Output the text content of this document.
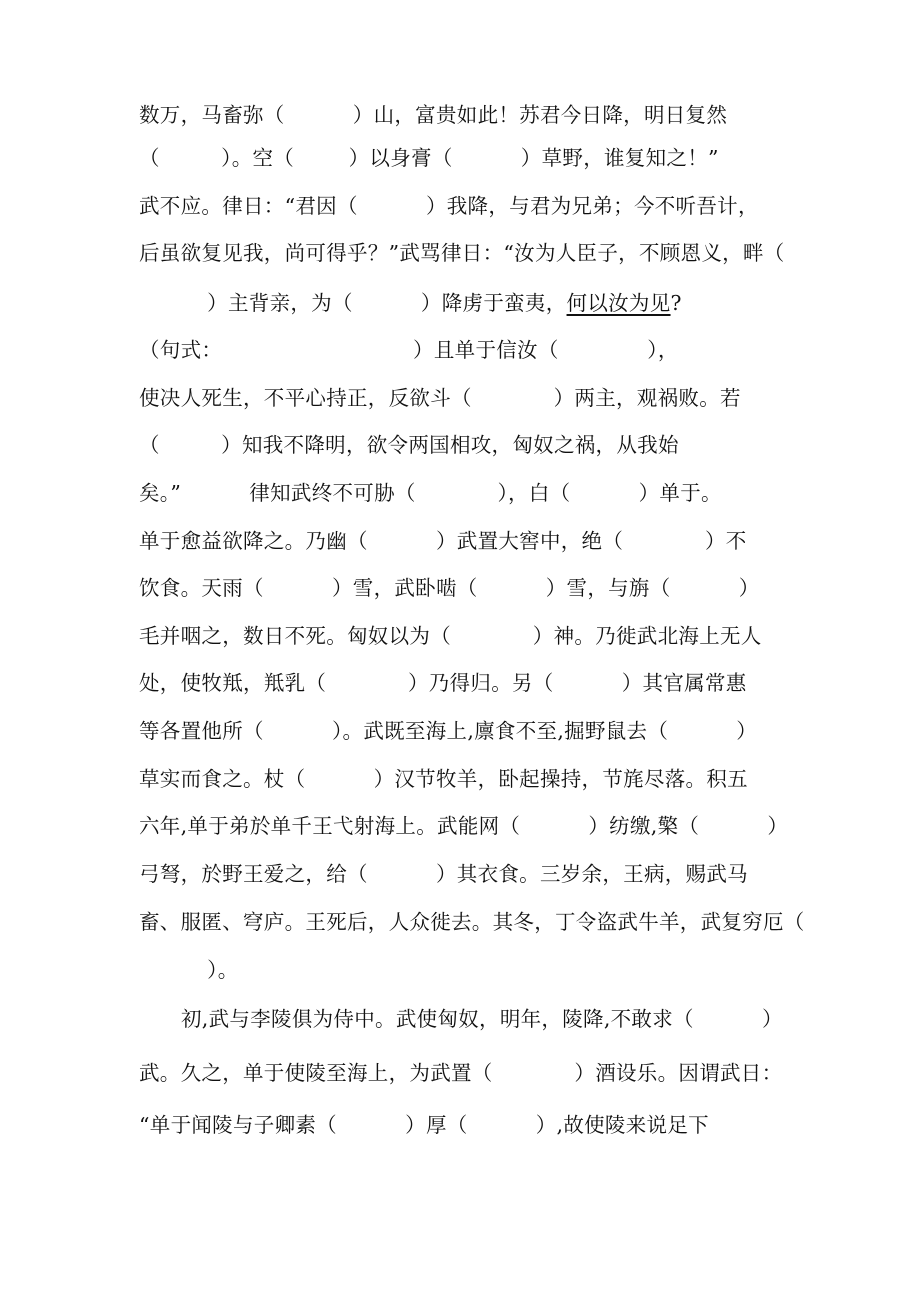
数万，马畜弥（          ）山，富贵如此！苏君今日降，明日复然
（         ）。空（        ）以身膏（          ）草野，谁复知之！”
武不应。律日：“君因（          ）我降，与君为兄弟；今不听吾计，
后虽欲复见我，尚可得乎？”武骂律日：“汝为人臣子，不顾恩义，畔（
）主背亲，为（          ）降虏于蛮夷，何以汝为见?
（句式：                            ）且单于信汝（             ），
使决人死生，不平心持正，反欲斗（            ）两主，观祸败。若
（         ）知我不降明，欲令两国相攻，匈奴之祸，从我始
矣。”          律知武终不可胁（            ），白（          ）单于。
单于愈益欲降之。乃幽（          ）武置大窖中，绝（            ）不
饮食。天雨（          ）雪，武卧啮（          ）雪，与旃（          ）
毛并咽之，数日不死。匈奴以为（            ）神。乃徙武北海上无人
处，使牧羝，羝乳（            ）乃得归。另（          ）其官属常惠
等各置他所（          ）。武既至海上,廪食不至,掘野鼠去（          ）
草实而食之。杖（          ）汉节牧羊，卧起操持，节旄尽落。积五
六年,单于弟於单千王弋射海上。武能网（          ）纺缴,檠（          ）
弓弩，於野王爱之，给（          ）其衣食。三岁余，王病，赐武马
畜、服匿、穹庐。王死后，人众徙去。其冬，丁令盗武牛羊，武复穷厄（
）。
初,武与李陵俱为侍中。武使匈奴，明年，陵降,不敢求（          ）
武。久之，单于使陵至海上，为武置（            ）酒设乐。因谓武日：
“单于闻陵与子卿素（          ）厚（          ）,故使陵来说足下
